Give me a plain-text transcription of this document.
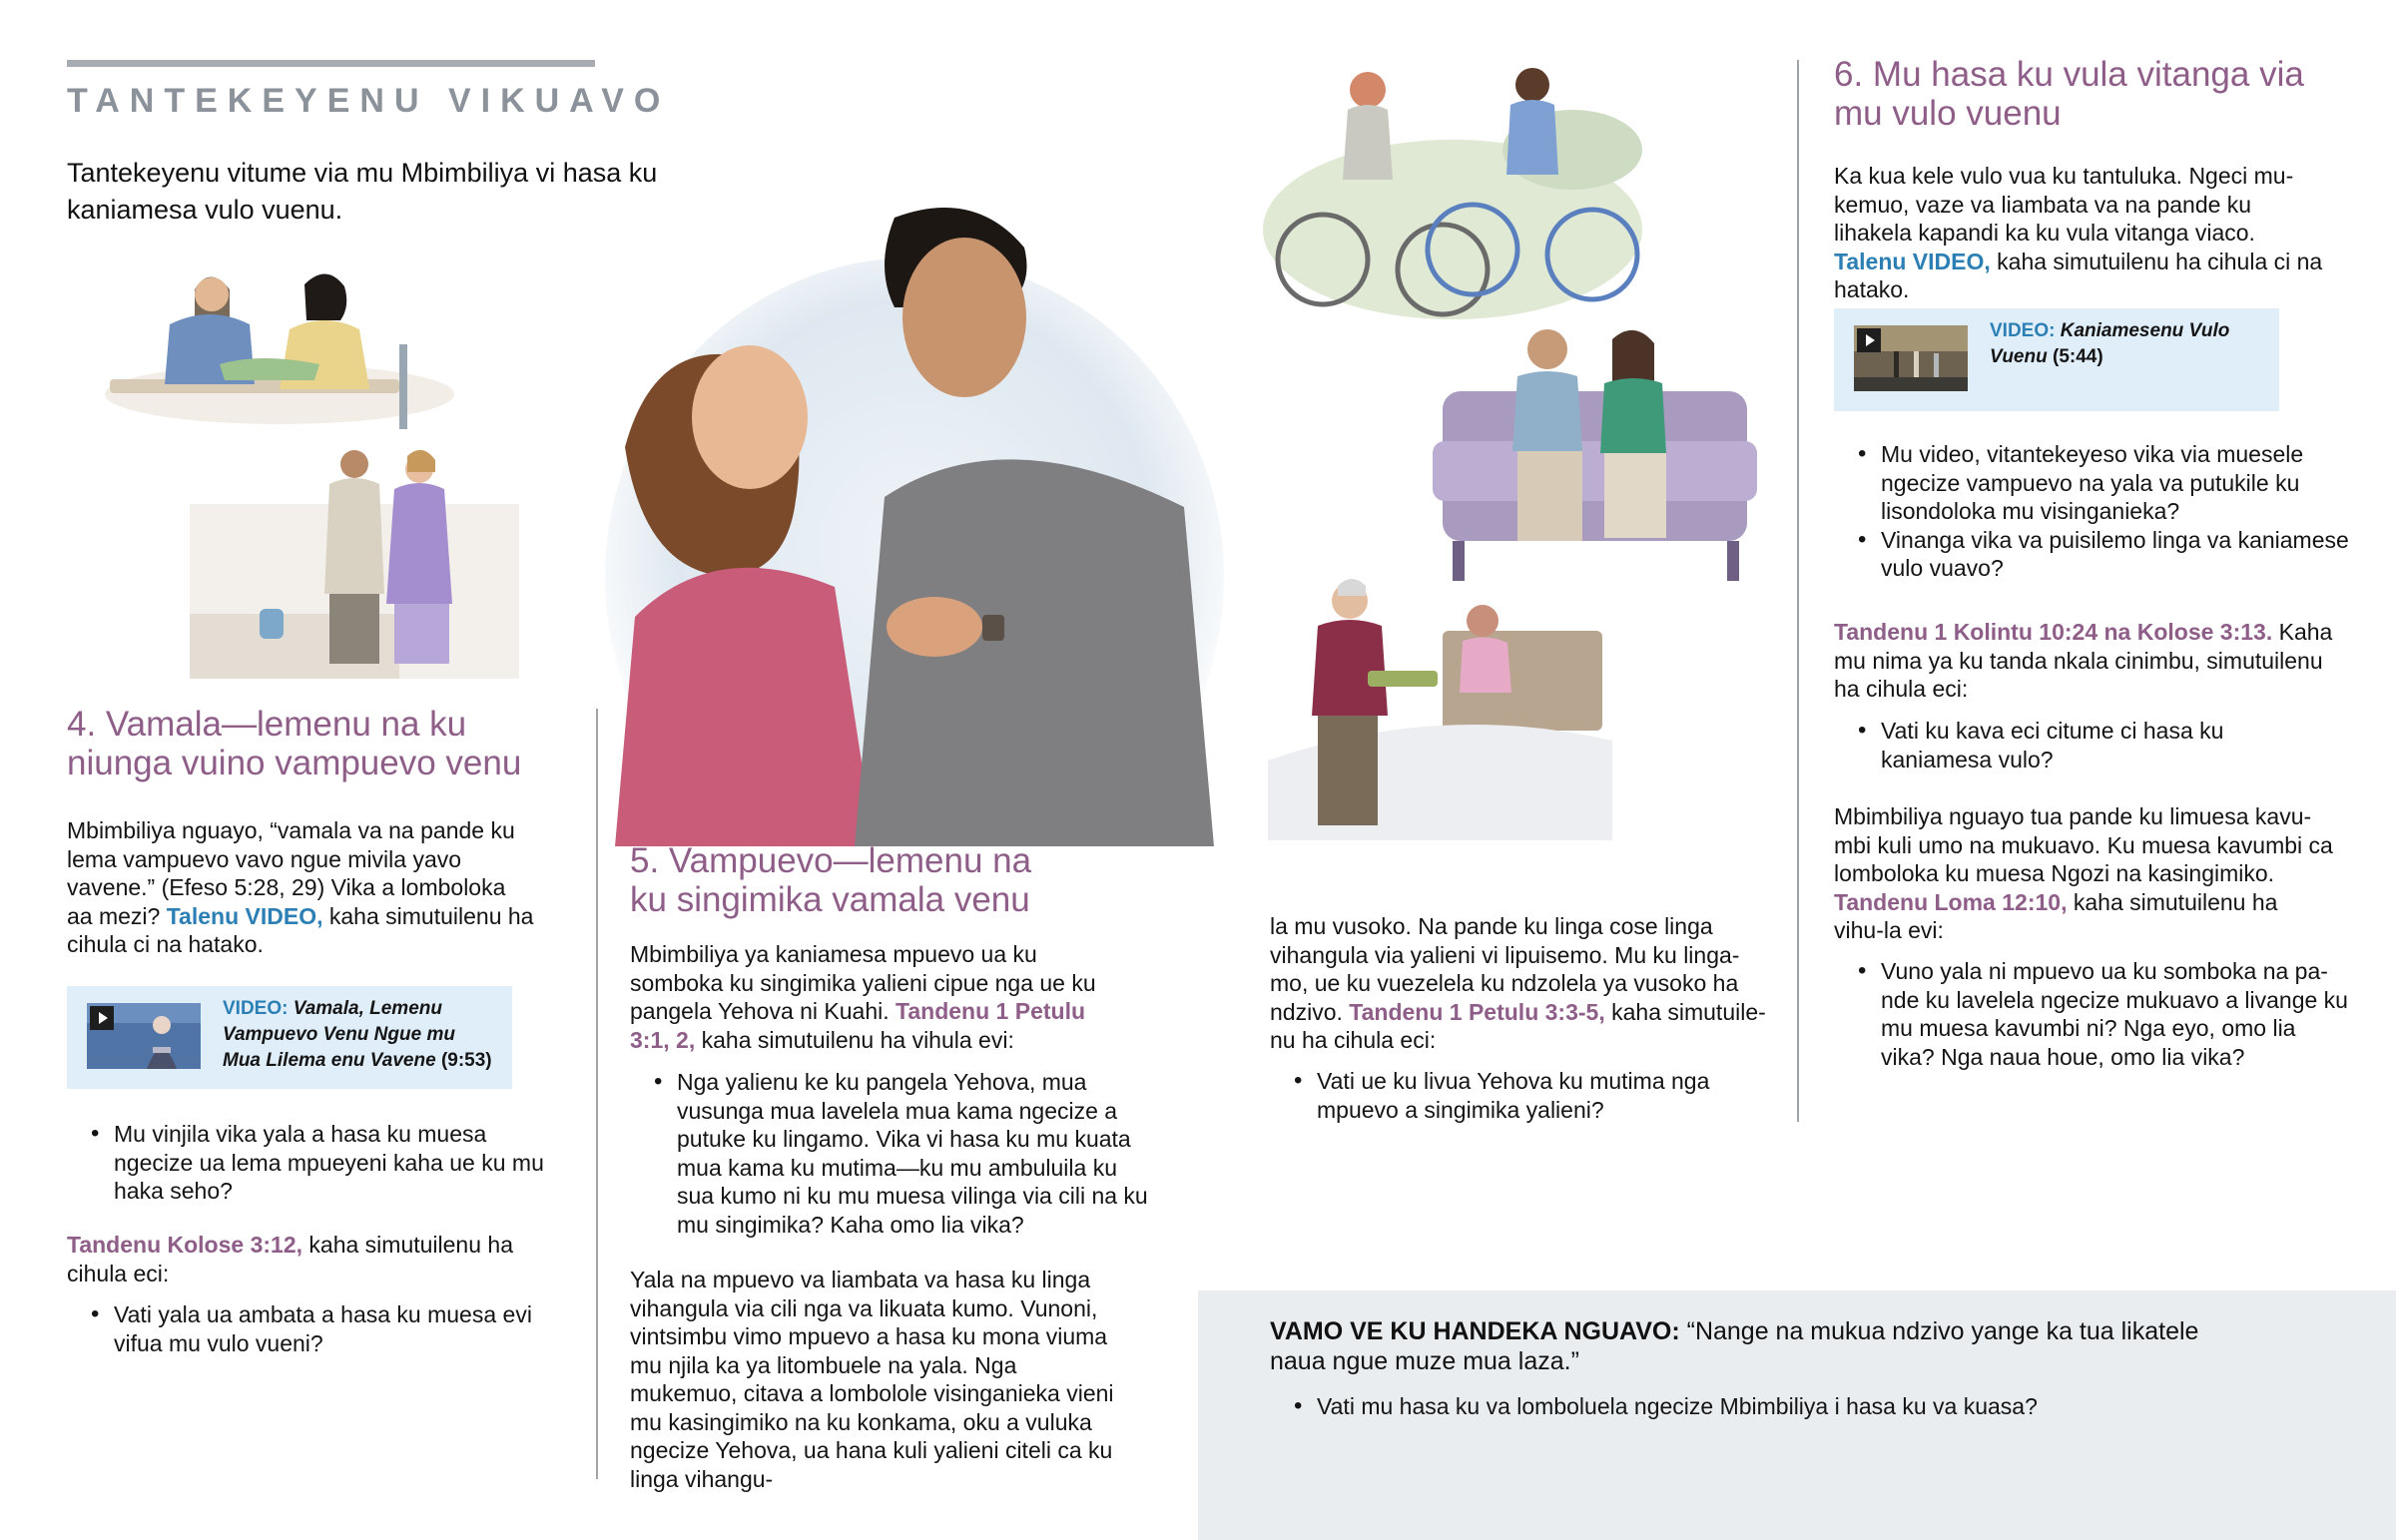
TANTEKEYENU VIKUAVO
Tantekeyenu vitume via mu Mbimbiliya vi hasa ku kaniamesa vulo vuenu.
4. Vamala—lemenu na ku niunga vuino vampuevo venu
Mbimbiliya nguayo, “vamala va na pande ku lema vampuevo vavo ngue mivila yavo vavene.” (Efeso 5:28, 29) Vika a lomboloka aa mezi? Talenu VIDEO, kaha simutuilenu ha cihula ci na hatako.
VIDEO: Vamala, Lemenu Vampuevo Venu Ngue mu Mua Lilema enu Vavene (9:53)
• Mu vinjila vika yala a hasa ku muesa ngecize ua lema mpueyeni kaha ue ku mu haka seho?
Tandenu Kolose 3:12, kaha simutuilenu ha cihula eci:
• Vati yala ua ambata a hasa ku muesa evi vifua mu vulo vueni?
5. Vampuevo—lemenu na ku singimika vamala venu
Mbimbiliya ya kaniamesa mpuevo ua ku somboka ku singimika yalieni cipue nga ue ku pangela Yehova ni Kuahi. Tandenu 1 Petulu 3:1, 2, kaha simutuilenu ha vihula evi:
• Nga yalienu ke ku pangela Yehova, mua vusunga mua lavelela mua kama ngecize a putuke ku lingamo. Vika vi hasa ku mu kuata mua kama ku mutima—ku mu ambuluila ku sua kumo ni ku mu muesa vilinga via cili na ku mu singimika? Kaha omo lia vika?
Yala na mpuevo va liambata va hasa ku linga vihangula via cili nga va likuata kumo. Vunoni, vintsimbu vimo mpuevo a hasa ku mona viuma mu njila ka ya litombuele na yala. Nga mukemuo, citava a lombolole visinganieka vieni mu kasingimiko na ku konkama, oku a vuluka ngecize Yehova, ua hana kuli yalieni citeli ca ku linga vihangu-
la mu vusoko. Na pande ku linga cose linga vihangula via yalieni vi lipuisemo. Mu ku linga-mo, ue ku vuezelela ku ndzolela ya vusoko ha ndzivo. Tandenu 1 Petulu 3:3-5, kaha simutuile-nu ha cihula eci:
• Vati ue ku livua Yehova ku mutima nga mpuevo a singimika yalieni?
6. Mu hasa ku vula vitanga via mu vulo vuenu
Ka kua kele vulo vua ku tantuluka. Ngeci mu-kemuo, vaze va liambata va na pande ku lihakela kapandi ka ku vula vitanga viaco. Talenu VIDEO, kaha simutuilenu ha cihula ci na hatako.
VIDEO: Kaniamesenu Vulo Vuenu (5:44)
• Mu video, vitantekeyeso vika via muesele ngecize vampuevo na yala va putukile ku lisondoloka mu visinganieka?
• Vinanga vika va puisilemo linga va kaniamese vulo vuavo?
Tandenu 1 Kolintu 10:24 na Kolose 3:13. Kaha mu nima ya ku tanda nkala cinimbu, simutuilenu ha cihula eci:
• Vati ku kava eci citume ci hasa ku kaniamesa vulo?
Mbimbiliya nguayo tua pande ku limuesa kavu-mbi kuli umo na mukuavo. Ku muesa kavumbi ca lomboloka ku muesa Ngozi na kasingimiko. Tandenu Loma 12:10, kaha simutuilenu ha vihu-la evi:
• Vuno yala ni mpuevo ua ku somboka na pa-nde ku lavelela ngecize mukuavo a livange ku mu muesa kavumbi ni? Nga eyo, omo lia vika? Nga naua houe, omo lia vika?
VAMO VE KU HANDEKA NGUAVO: “Nange na mukua ndzivo yange ka tua likatele naua ngue muze mua laza.”
• Vati mu hasa ku va lomboluela ngecize Mbimbiliya i hasa ku va kuasa?
